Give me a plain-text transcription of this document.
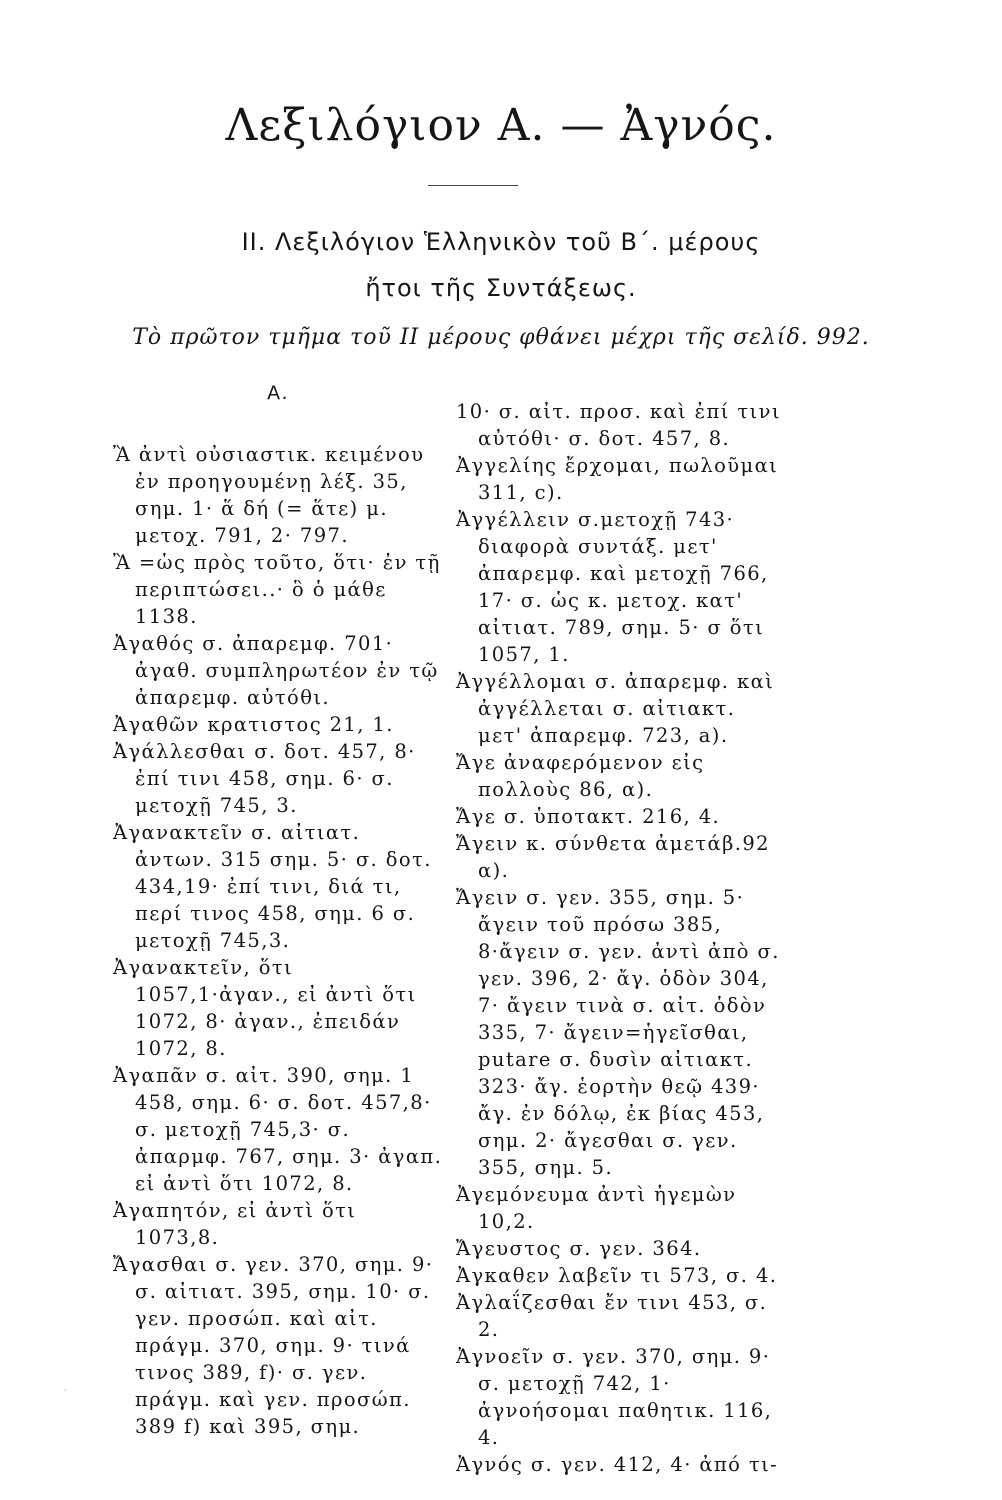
Λεξιλόγιον Α. — Ἀγνός.
II. Λεξιλόγιον Ἑλληνικὸν τοῦ Β΄. μέρους
ἤτοι τῆς Συντάξεως.
Τὸ πρῶτον τμῆμα τοῦ II μέρους φθάνει μέχρι τῆς σελίδ. 992.
Α.

Ἂ ἀντὶ οὐσιαστικ. κειμένου ἐν προηγουμένῃ λέξ. 35, σημ. 1· ἅ δή (= ἅτε) μ. μετοχ. 791, 2· 797.

Ἂ =ὡς πρὸς τοῦτο, ὅτι· ἐν τῇ περιπτώσει..· ὃ ὁ μάθε 1138.

Ἀγαθός σ. ἀπαρεμφ. 701· ἀγαθ. συμπληρωτέον ἐν τῷ ἀπαρεμφ. αὐτόθι.

Ἀγαθῶν κρατιστος 21, 1.

Ἀγάλλεσθαι σ. δοτ. 457, 8· ἐπί τινι 458, σημ. 6· σ. μετοχῇ 745, 3.

Ἀγανακτεῖν σ. αἰτιατ. ἀντων. 315 σημ. 5· σ. δοτ. 434,19· ἐπί τινι, διά τι, περί τινος 458, σημ. 6 σ. μετοχῇ 745,3.

Ἀγανακτεῖν, ὅτι 1057,1·ἀγαν., εἰ ἀντὶ ὅτι 1072, 8· ἀγαν., ἐπειδάν 1072, 8.

Ἀγαπᾶν σ. αἰτ. 390, σημ. 1 458, σημ. 6· σ. δοτ. 457,8· σ. μετοχῇ 745,3· σ. ἀπαρμφ. 767, σημ. 3· ἀγαπ. εἰ ἀντὶ ὅτι 1072, 8.

Ἀγαπητόν, εἰ ἀντὶ ὅτι 1073,8.

Ἄγασθαι σ. γεν. 370, σημ. 9· σ. αἰτιατ. 395, σημ. 10· σ. γεν. προσώπ. καὶ αἰτ. πράγμ. 370, σημ. 9· τινά τινος 389, f)· σ. γεν. πράγμ. καὶ γεν. προσώπ. 389 f) καὶ 395, σημ.

10· σ. αἰτ. προσ. καὶ ἐπί τινι αὐτόθι· σ. δοτ. 457, 8.

Ἀγγελίης ἔρχομαι, πωλοῦμαι 311, c).

Ἀγγέλλειν σ.μετοχῇ 743· διαφορὰ συντάξ. μετ' ἀπαρεμφ. καὶ μετοχῇ 766, 17· σ. ὡς κ. μετοχ. κατ' αἰτιατ. 789, σημ. 5· σ ὅτι 1057, 1.

Ἀγγέλλομαι σ. ἀπαρεμφ. καὶ ἀγγέλλεται σ. αἰτιακτ. μετ' ἀπαρεμφ. 723, a).

Ἄγε ἀναφερόμενον εἰς πολλοὺς 86, α).

Ἄγε σ. ὑποτακτ. 216, 4.

Ἄγειν κ. σύνθετα ἀμετάβ.92 α).

Ἄγειν σ. γεν. 355, σημ. 5· ἄγειν τοῦ πρόσω 385, 8·ἄγειν σ. γεν. ἀντὶ ἀπὸ σ. γεν. 396, 2· ἄγ. ὁδὸν 304, 7· ἄγειν τινὰ σ. αἰτ. ὁδὸν 335, 7· ἄγειν=ἡγεῖσθαι, putare σ. δυσὶν αἰτιακτ. 323· ἄγ. ἑορτὴν θεῷ 439· ἄγ. ἐν δόλῳ, ἐκ βίας 453, σημ. 2· ἄγεσθαι σ. γεν. 355, σημ. 5.

Ἀγεμόνευμα ἀντὶ ἡγεμὼν 10,2.

Ἄγευστος σ. γεν. 364.

Ἀγκαθεν λαβεῖν τι 573, σ. 4.

Ἀγλαΐζεσθαι ἔν τινι 453, σ. 2.

Ἀγνοεῖν σ. γεν. 370, σημ. 9· σ. μετοχῇ 742, 1· ἀγνοήσομαι παθητικ. 116, 4.

Ἀγνός σ. γεν. 412, 4· ἀπό τι-

·
